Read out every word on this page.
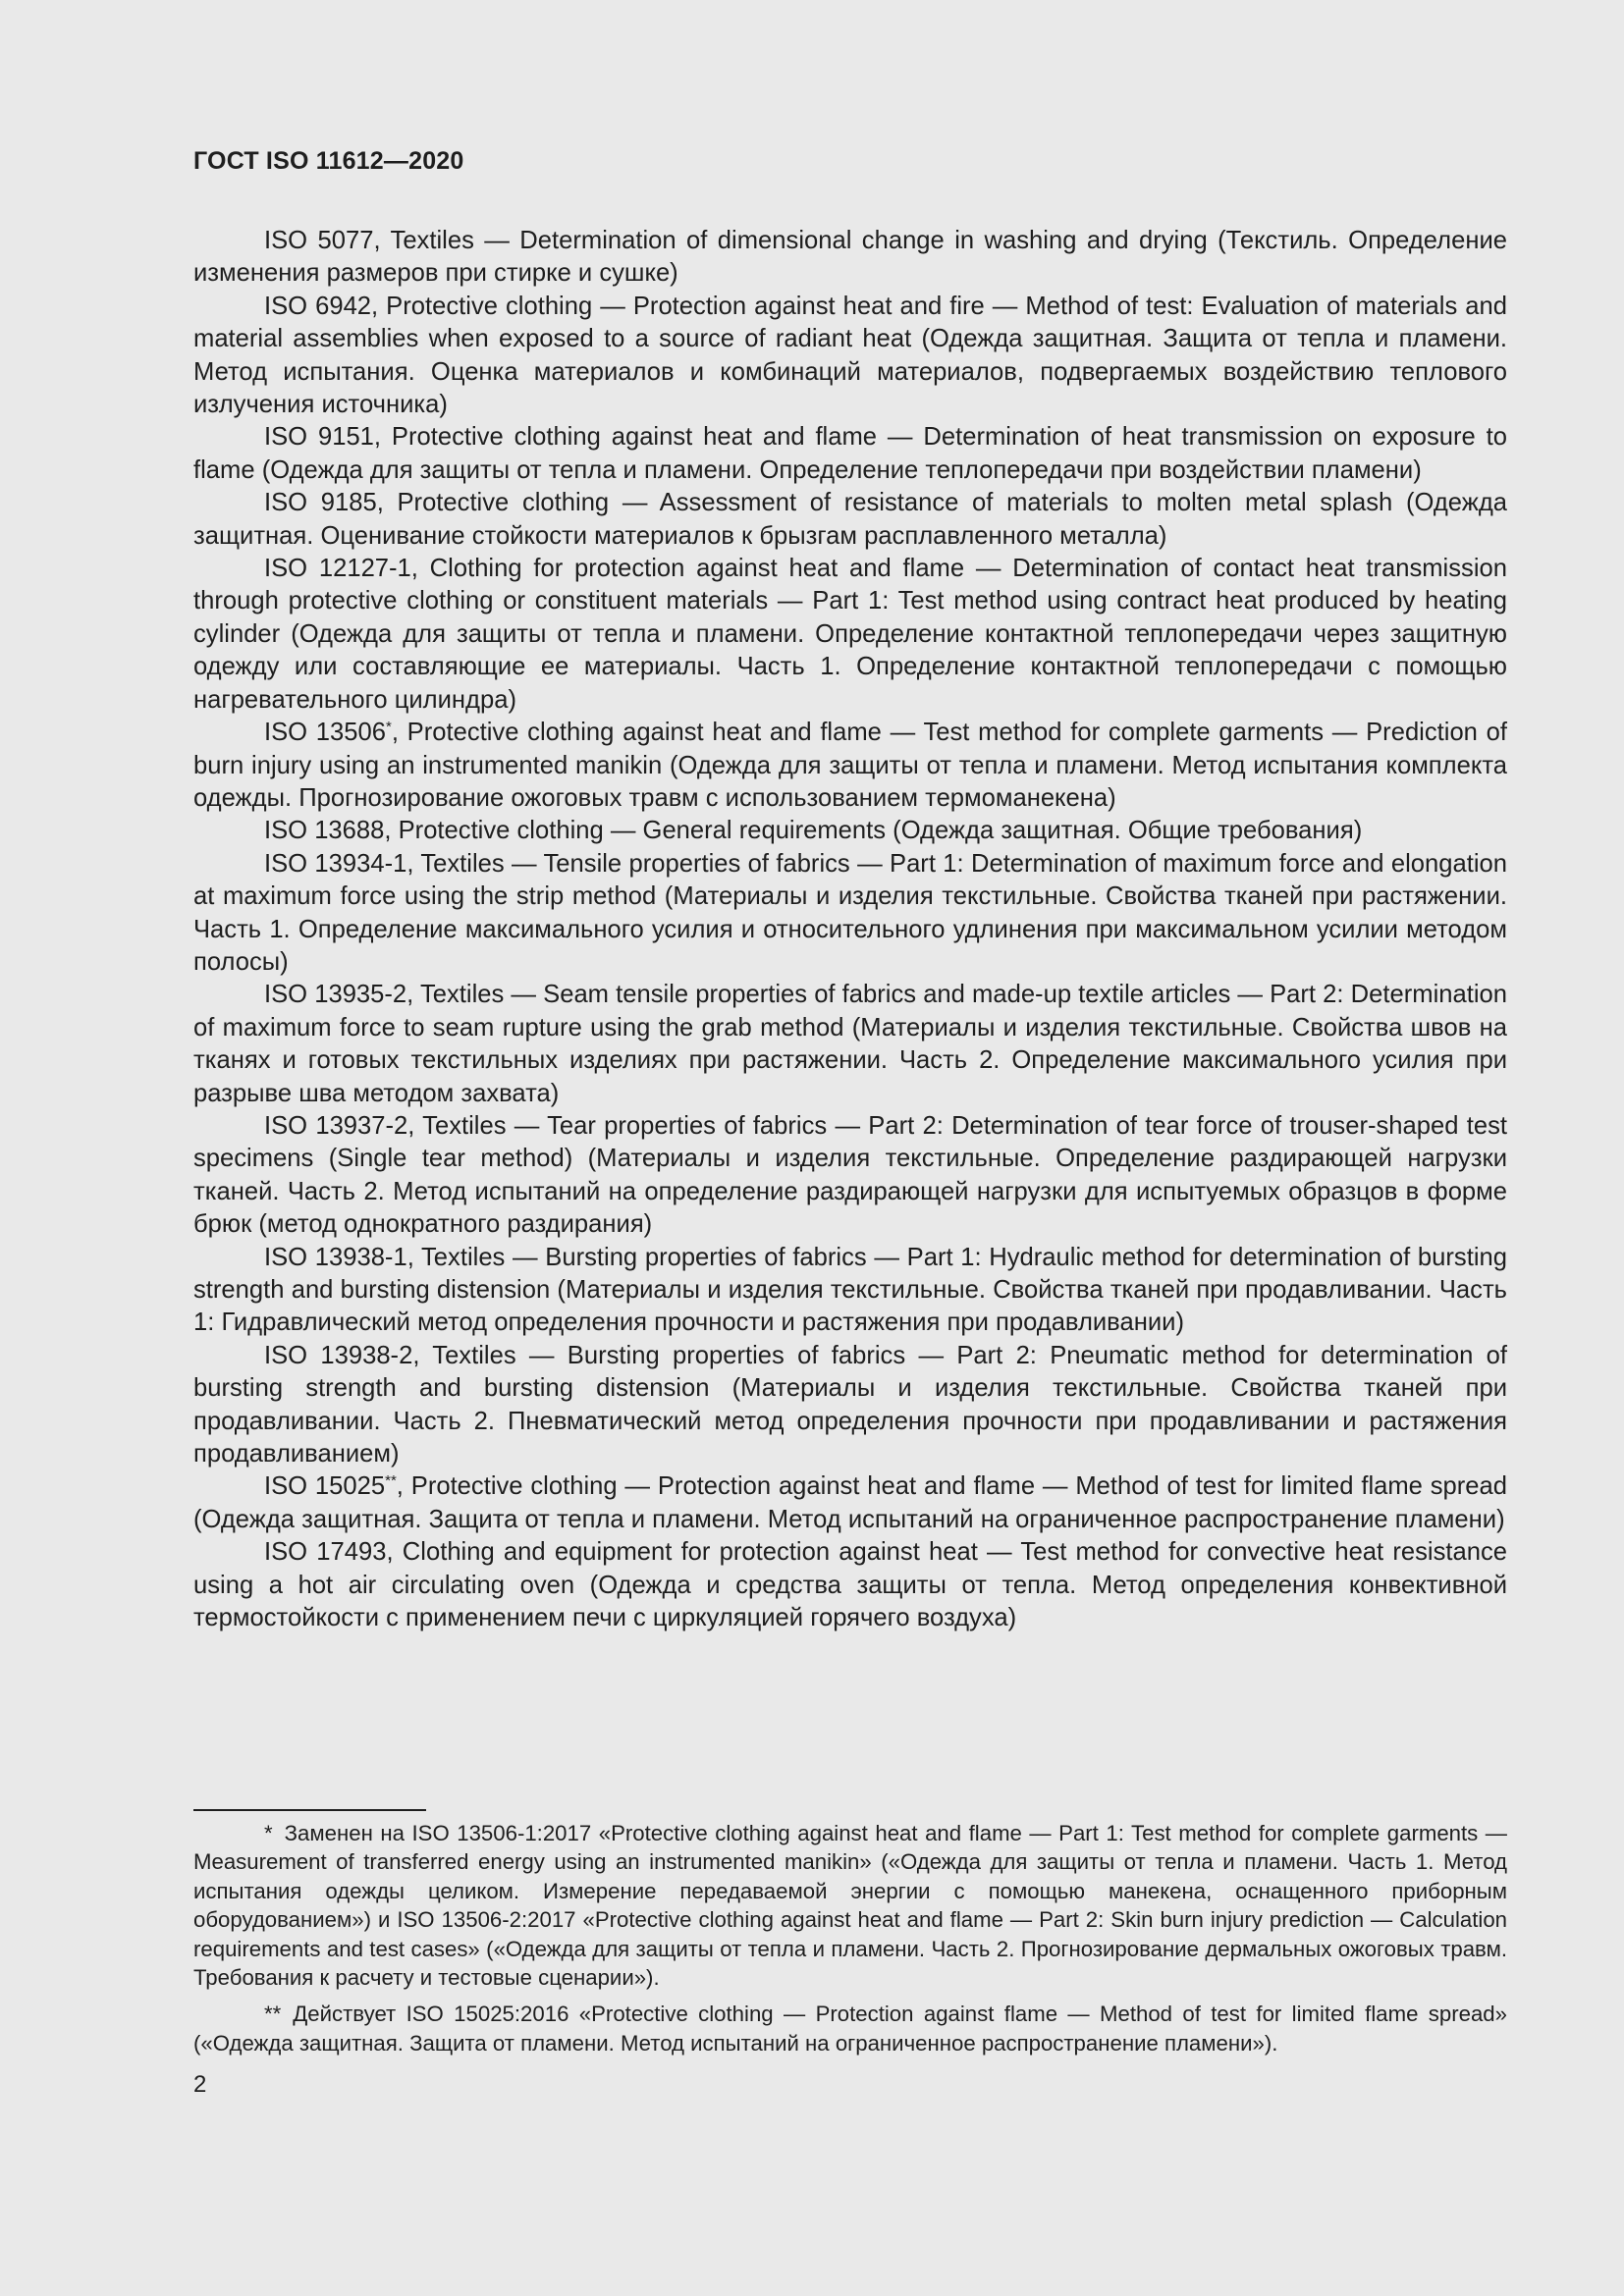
ГОСТ ISO 11612—2020

ISO 5077, Textiles — Determination of dimensional change in washing and drying (Текстиль. Определение изменения размеров при стирке и сушке)

ISO 6942, Protective clothing — Protection against heat and fire — Method of test: Evaluation of materials and material assemblies when exposed to a source of radiant heat (Одежда защитная. Защита от тепла и пламени. Метод испытания. Оценка материалов и комбинаций материалов, подвергаемых воздействию теплового излучения источника)

ISO 9151, Protective clothing against heat and flame — Determination of heat transmission on exposure to flame (Одежда для защиты от тепла и пламени. Определение теплопередачи при воздействии пламени)

ISO 9185, Protective clothing — Assessment of resistance of materials to molten metal splash (Одежда защитная. Оценивание стойкости материалов к брызгам расплавленного металла)

ISO 12127-1, Clothing for protection against heat and flame — Determination of contact heat transmission through protective clothing or constituent materials — Part 1: Test method using contract heat produced by heating cylinder (Одежда для защиты от тепла и пламени. Определение контактной теплопередачи через защитную одежду или составляющие ее материалы. Часть 1. Определение контактной теплопередачи с помощью нагревательного цилиндра)

ISO 13506*, Protective clothing against heat and flame — Test method for complete garments — Prediction of burn injury using an instrumented manikin (Одежда для защиты от тепла и пламени. Метод испытания комплекта одежды. Прогнозирование ожоговых травм с использованием термоманекена)

ISO 13688, Protective clothing — General requirements (Одежда защитная. Общие требования)

ISO 13934-1, Textiles — Tensile properties of fabrics — Part 1: Determination of maximum force and elongation at maximum force using the strip method (Материалы и изделия текстильные. Свойства тканей при растяжении. Часть 1. Определение максимального усилия и относительного удлинения при максимальном усилии методом полосы)

ISO 13935-2, Textiles — Seam tensile properties of fabrics and made-up textile articles — Part 2: Determination of maximum force to seam rupture using the grab method (Материалы и изделия текстильные. Свойства швов на тканях и готовых текстильных изделиях при растяжении. Часть 2. Определение максимального усилия при разрыве шва методом захвата)

ISO 13937-2, Textiles — Tear properties of fabrics — Part 2: Determination of tear force of trouser-shaped test specimens (Single tear method) (Материалы и изделия текстильные. Определение раздирающей нагрузки тканей. Часть 2. Метод испытаний на определение раздирающей нагрузки для испытуемых образцов в форме брюк (метод однократного раздирания)

ISO 13938-1, Textiles — Bursting properties of fabrics — Part 1: Hydraulic method for determination of bursting strength and bursting distension (Материалы и изделия текстильные. Свойства тканей при продавливании. Часть 1: Гидравлический метод определения прочности и растяжения при продавливании)

ISO 13938-2, Textiles — Bursting properties of fabrics — Part 2: Pneumatic method for determination of bursting strength and bursting distension (Материалы и изделия текстильные. Свойства тканей при продавливании. Часть 2. Пневматический метод определения прочности при продавливании и растяжения продавливанием)

ISO 15025**, Protective clothing — Protection against heat and flame — Method of test for limited flame spread (Одежда защитная. Защита от тепла и пламени. Метод испытаний на ограниченное распространение пламени)

ISO 17493, Clothing and equipment for protection against heat — Test method for convective heat resistance using a hot air circulating oven (Одежда и средства защиты от тепла. Метод определения конвективной термостойкости с применением печи с циркуляцией горячего воздуха)

* Заменен на ISO 13506-1:2017 «Protective clothing against heat and flame — Part 1: Test method for complete garments — Measurement of transferred energy using an instrumented manikin» («Одежда для защиты от тепла и пламени. Часть 1. Метод испытания одежды целиком. Измерение передаваемой энергии с помощью манекена, оснащенного приборным оборудованием») и ISO 13506-2:2017 «Protective clothing against heat and flame — Part 2: Skin burn injury prediction — Calculation requirements and test cases» («Одежда для защиты от тепла и пламени. Часть 2. Прогнозирование дермальных ожоговых травм. Требования к расчету и тестовые сценарии»).

** Действует ISO 15025:2016 «Protective clothing — Protection against flame — Method of test for limited flame spread» («Одежда защитная. Защита от пламени. Метод испытаний на ограниченное распространение пламени»).

2
